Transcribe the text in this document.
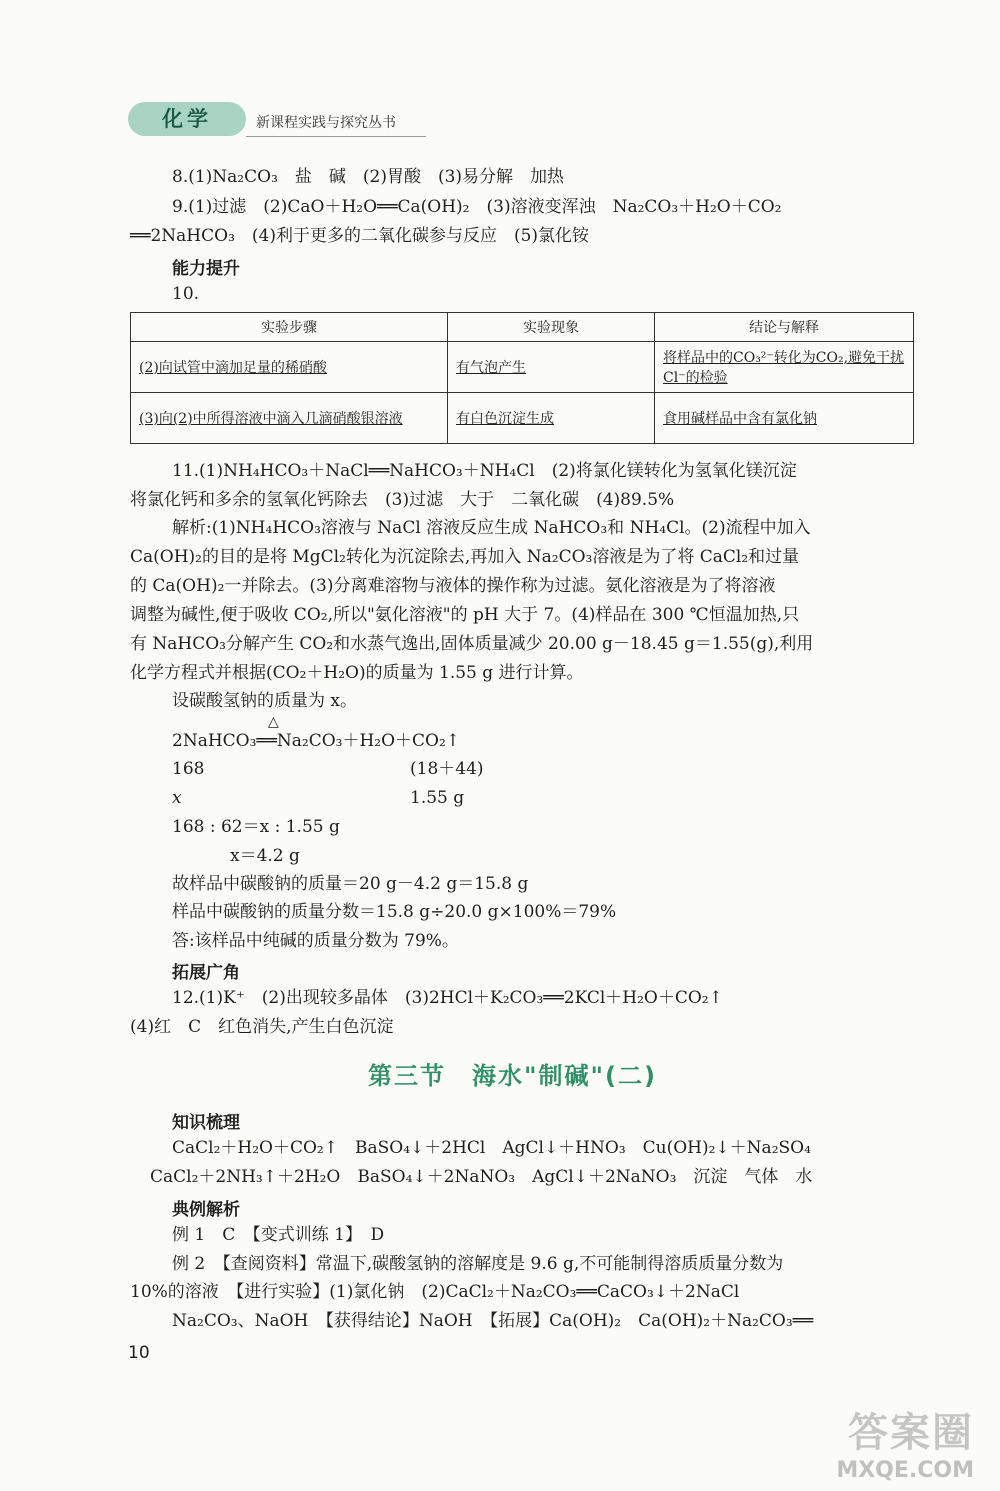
化学	新课程实践与探究丛书
8.(1)Na₂CO₃　盐　碱　(2)胃酸　(3)易分解　加热
9.(1)过滤　(2)CaO＋H₂O══Ca(OH)₂　(3)溶液变浑浊　Na₂CO₃＋H₂O＋CO₂
══2NaHCO₃　(4)利于更多的二氧化碳参与反应　(5)氯化铵
能力提升
10.
实验步骤	实验现象	结论与解释
(2)向试管中滴加足量的稀硝酸	有气泡产生	将样品中的CO₃²⁻转化为CO₂,避免干扰Cl⁻的检验
(3)向(2)中所得溶液中滴入几滴硝酸银溶液	有白色沉淀生成	食用碱样品中含有氯化钠
11.(1)NH₄HCO₃＋NaCl══NaHCO₃＋NH₄Cl　(2)将氯化镁转化为氢氧化镁沉淀
将氯化钙和多余的氢氧化钙除去　(3)过滤　大于　二氧化碳　(4)89.5%
解析:(1)NH₄HCO₃溶液与 NaCl 溶液反应生成 NaHCO₃和 NH₄Cl。(2)流程中加入
Ca(OH)₂的目的是将 MgCl₂转化为沉淀除去,再加入 Na₂CO₃溶液是为了将 CaCl₂和过量
的 Ca(OH)₂一并除去。(3)分离难溶物与液体的操作称为过滤。氨化溶液是为了将溶液
调整为碱性,便于吸收 CO₂,所以"氨化溶液"的 pH 大于 7。(4)样品在 300 ℃恒温加热,只
有 NaHCO₃分解产生 CO₂和水蒸气逸出,固体质量减少 20.00 g－18.45 g＝1.55(g),利用
化学方程式并根据(CO₂＋H₂O)的质量为 1.55 g 进行计算。
设碳酸氢钠的质量为 x。
△
2NaHCO₃══Na₂CO₃＋H₂O＋CO₂↑
168	(18＋44)
x	1.55 g
168 : 62＝x : 1.55 g
x＝4.2 g
故样品中碳酸钠的质量＝20 g－4.2 g＝15.8 g
样品中碳酸钠的质量分数＝15.8 g÷20.0 g×100%＝79%
答:该样品中纯碱的质量分数为 79%。
拓展广角
12.(1)K⁺　(2)出现较多晶体　(3)2HCl＋K₂CO₃══2KCl＋H₂O＋CO₂↑
(4)红　C　红色消失,产生白色沉淀
第三节　海水"制碱"(二)
知识梳理
CaCl₂＋H₂O＋CO₂↑　BaSO₄↓＋2HCl　AgCl↓＋HNO₃　Cu(OH)₂↓＋Na₂SO₄
CaCl₂＋2NH₃↑＋2H₂O　BaSO₄↓＋2NaNO₃　AgCl↓＋2NaNO₃　沉淀　气体　水
典例解析
例 1　C　【变式训练 1】　D
例 2　【查阅资料】常温下,碳酸氢钠的溶解度是 9.6 g,不可能制得溶质质量分数为
10%的溶液　【进行实验】(1)氯化钠　(2)CaCl₂＋Na₂CO₃══CaCO₃↓＋2NaCl
Na₂CO₃、NaOH　【获得结论】NaOH　【拓展】Ca(OH)₂　Ca(OH)₂＋Na₂CO₃══
10
答案圈
MXQE.COM
